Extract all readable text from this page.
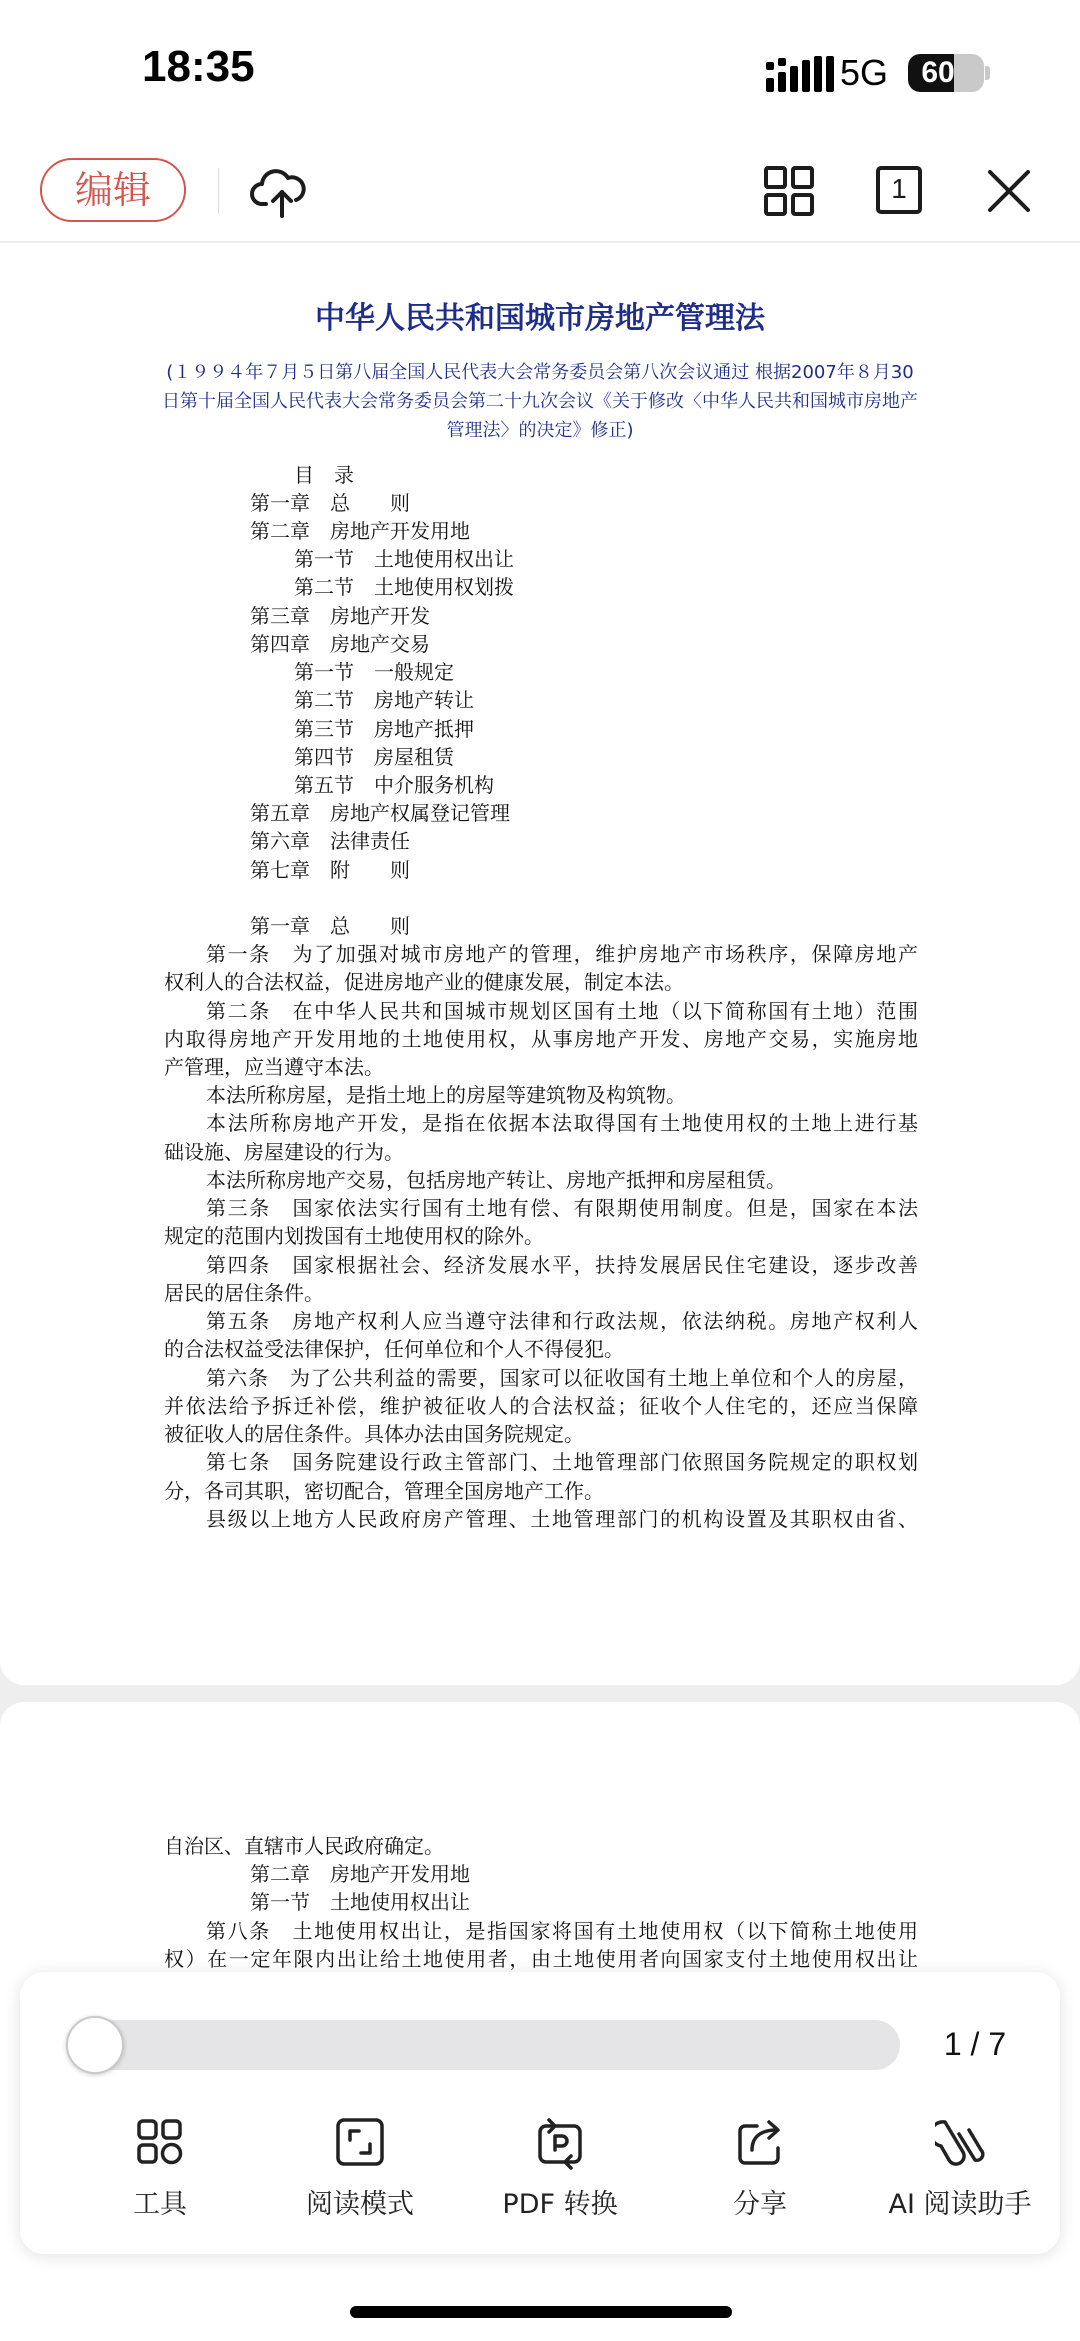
18:35	5G	60
编辑	1
中华人民共和国城市房地产管理法
(１９９４年７月５日第八届全国人民代表大会常务委员会第八次会议通过 根据2007年８月30日第十届全国人民代表大会常务委员会第二十九次会议《关于修改〈中华人民共和国城市房地产管理法〉的决定》修正)
目　录
第一章　总　　则
第二章　房地产开发用地
第一节　土地使用权出让
第二节　土地使用权划拨
第三章　房地产开发
第四章　房地产交易
第一节　一般规定
第二节　房地产转让
第三节　房地产抵押
第四节　房屋租赁
第五节　中介服务机构
第五章　房地产权属登记管理
第六章　法律责任
第七章　附　　则
第一章　总　　则
第一条　为了加强对城市房地产的管理，维护房地产市场秩序，保障房地产
权利人的合法权益，促进房地产业的健康发展，制定本法。
第二条　在中华人民共和国城市规划区国有土地（以下简称国有土地）范围
内取得房地产开发用地的土地使用权，从事房地产开发、房地产交易，实施房地
产管理，应当遵守本法。
本法所称房屋，是指土地上的房屋等建筑物及构筑物。
本法所称房地产开发，是指在依据本法取得国有土地使用权的土地上进行基
础设施、房屋建设的行为。
本法所称房地产交易，包括房地产转让、房地产抵押和房屋租赁。
第三条　国家依法实行国有土地有偿、有限期使用制度。但是，国家在本法
规定的范围内划拨国有土地使用权的除外。
第四条　国家根据社会、经济发展水平，扶持发展居民住宅建设，逐步改善
居民的居住条件。
第五条　房地产权利人应当遵守法律和行政法规，依法纳税。房地产权利人
的合法权益受法律保护，任何单位和个人不得侵犯。
第六条　为了公共利益的需要，国家可以征收国有土地上单位和个人的房屋，
并依法给予拆迁补偿，维护被征收人的合法权益；征收个人住宅的，还应当保障
被征收人的居住条件。具体办法由国务院规定。
第七条　国务院建设行政主管部门、土地管理部门依照国务院规定的职权划
分，各司其职，密切配合，管理全国房地产工作。
县级以上地方人民政府房产管理、土地管理部门的机构设置及其职权由省、
自治区、直辖市人民政府确定。
第二章　房地产开发用地
第一节　土地使用权出让
第八条　土地使用权出让，是指国家将国有土地使用权（以下简称土地使用
权）在一定年限内出让给土地使用者，由土地使用者向国家支付土地使用权出让
1 / 7
工具	阅读模式	PDF 转换	分享	AI 阅读助手
